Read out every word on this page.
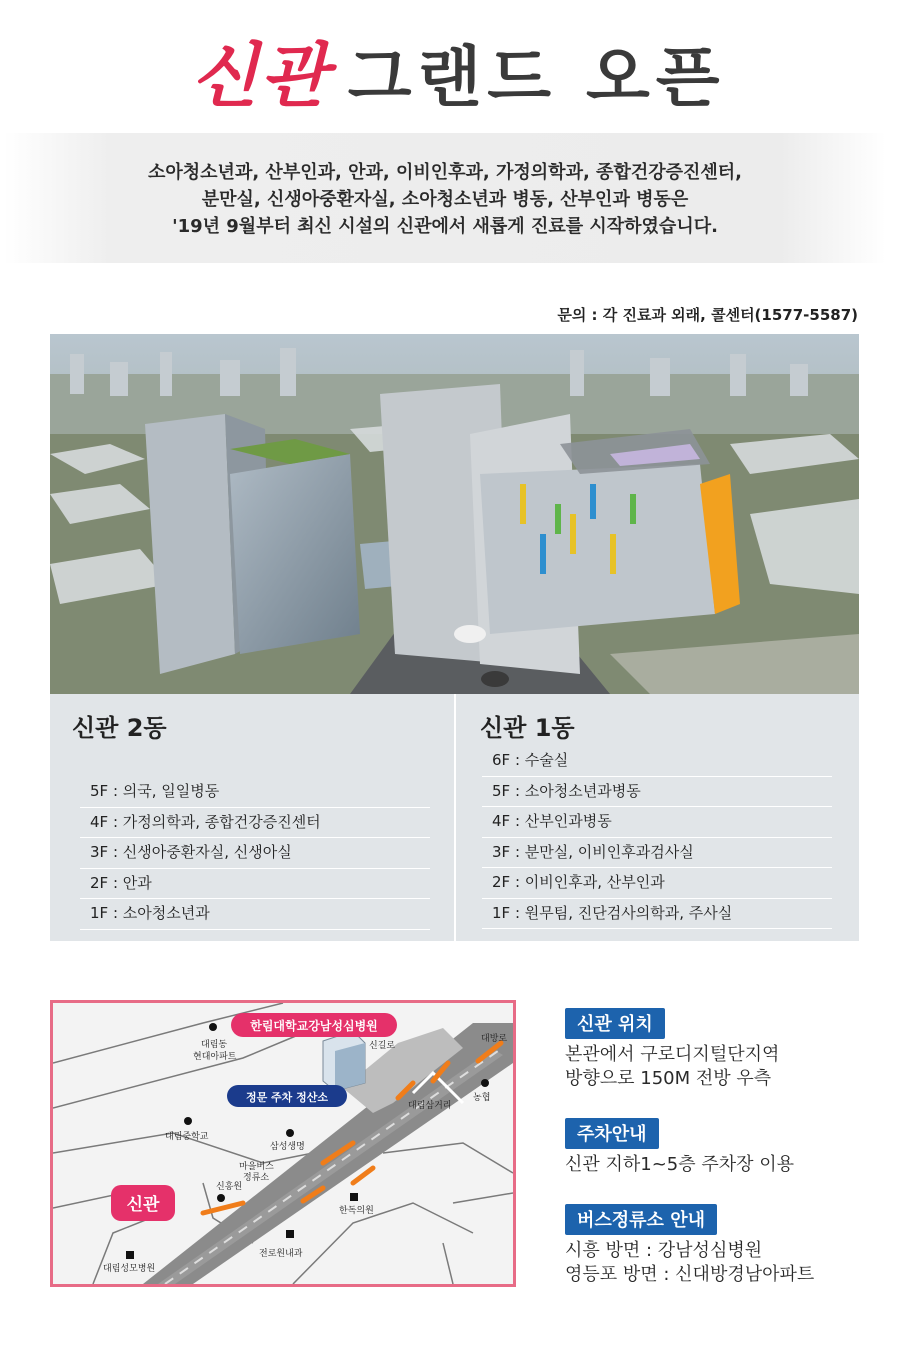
신관 그랜드 오픈

소아청소년과, 산부인과, 안과, 이비인후과, 가정의학과, 종합건강증진센터,

분만실, 신생아중환자실, 소아청소년과 병동, 산부인과 병동은

'19년 9월부터 최신 시설의 신관에서 새롭게 진료를 시작하였습니다.

문의 : 각 진료과 외래, 콜센터(1577-5587)
신관 2동
5F : 의국, 일일병동
4F : 가정의학과, 종합건강증진센터
3F : 신생아중환자실, 신생아실
2F : 안과
1F : 소아청소년과
신관 1동
6F : 수술실
5F : 소아청소년과병동
4F : 산부인과병동
3F : 분만실, 이비인후과검사실
2F : 이비인후과, 산부인과
1F : 원무팀, 진단검사의학과, 주사실
대림동
현대아파트
신길로
대방로
대림삼거리
농협
대림중학교
삼성생명
마을버스
정류소
신흥원
한독의원
전로원내과
대림성모병원
한림대학교강남성심병원
정문 주차 정산소
신관
신관 위치
본관에서 구로디지털단지역
방향으로 150M 전방 우측
주차안내
신관 지하1~5층 주차장 이용
버스정류소 안내
시흥 방면 : 강남성심병원
영등포 방면 : 신대방경남아파트
